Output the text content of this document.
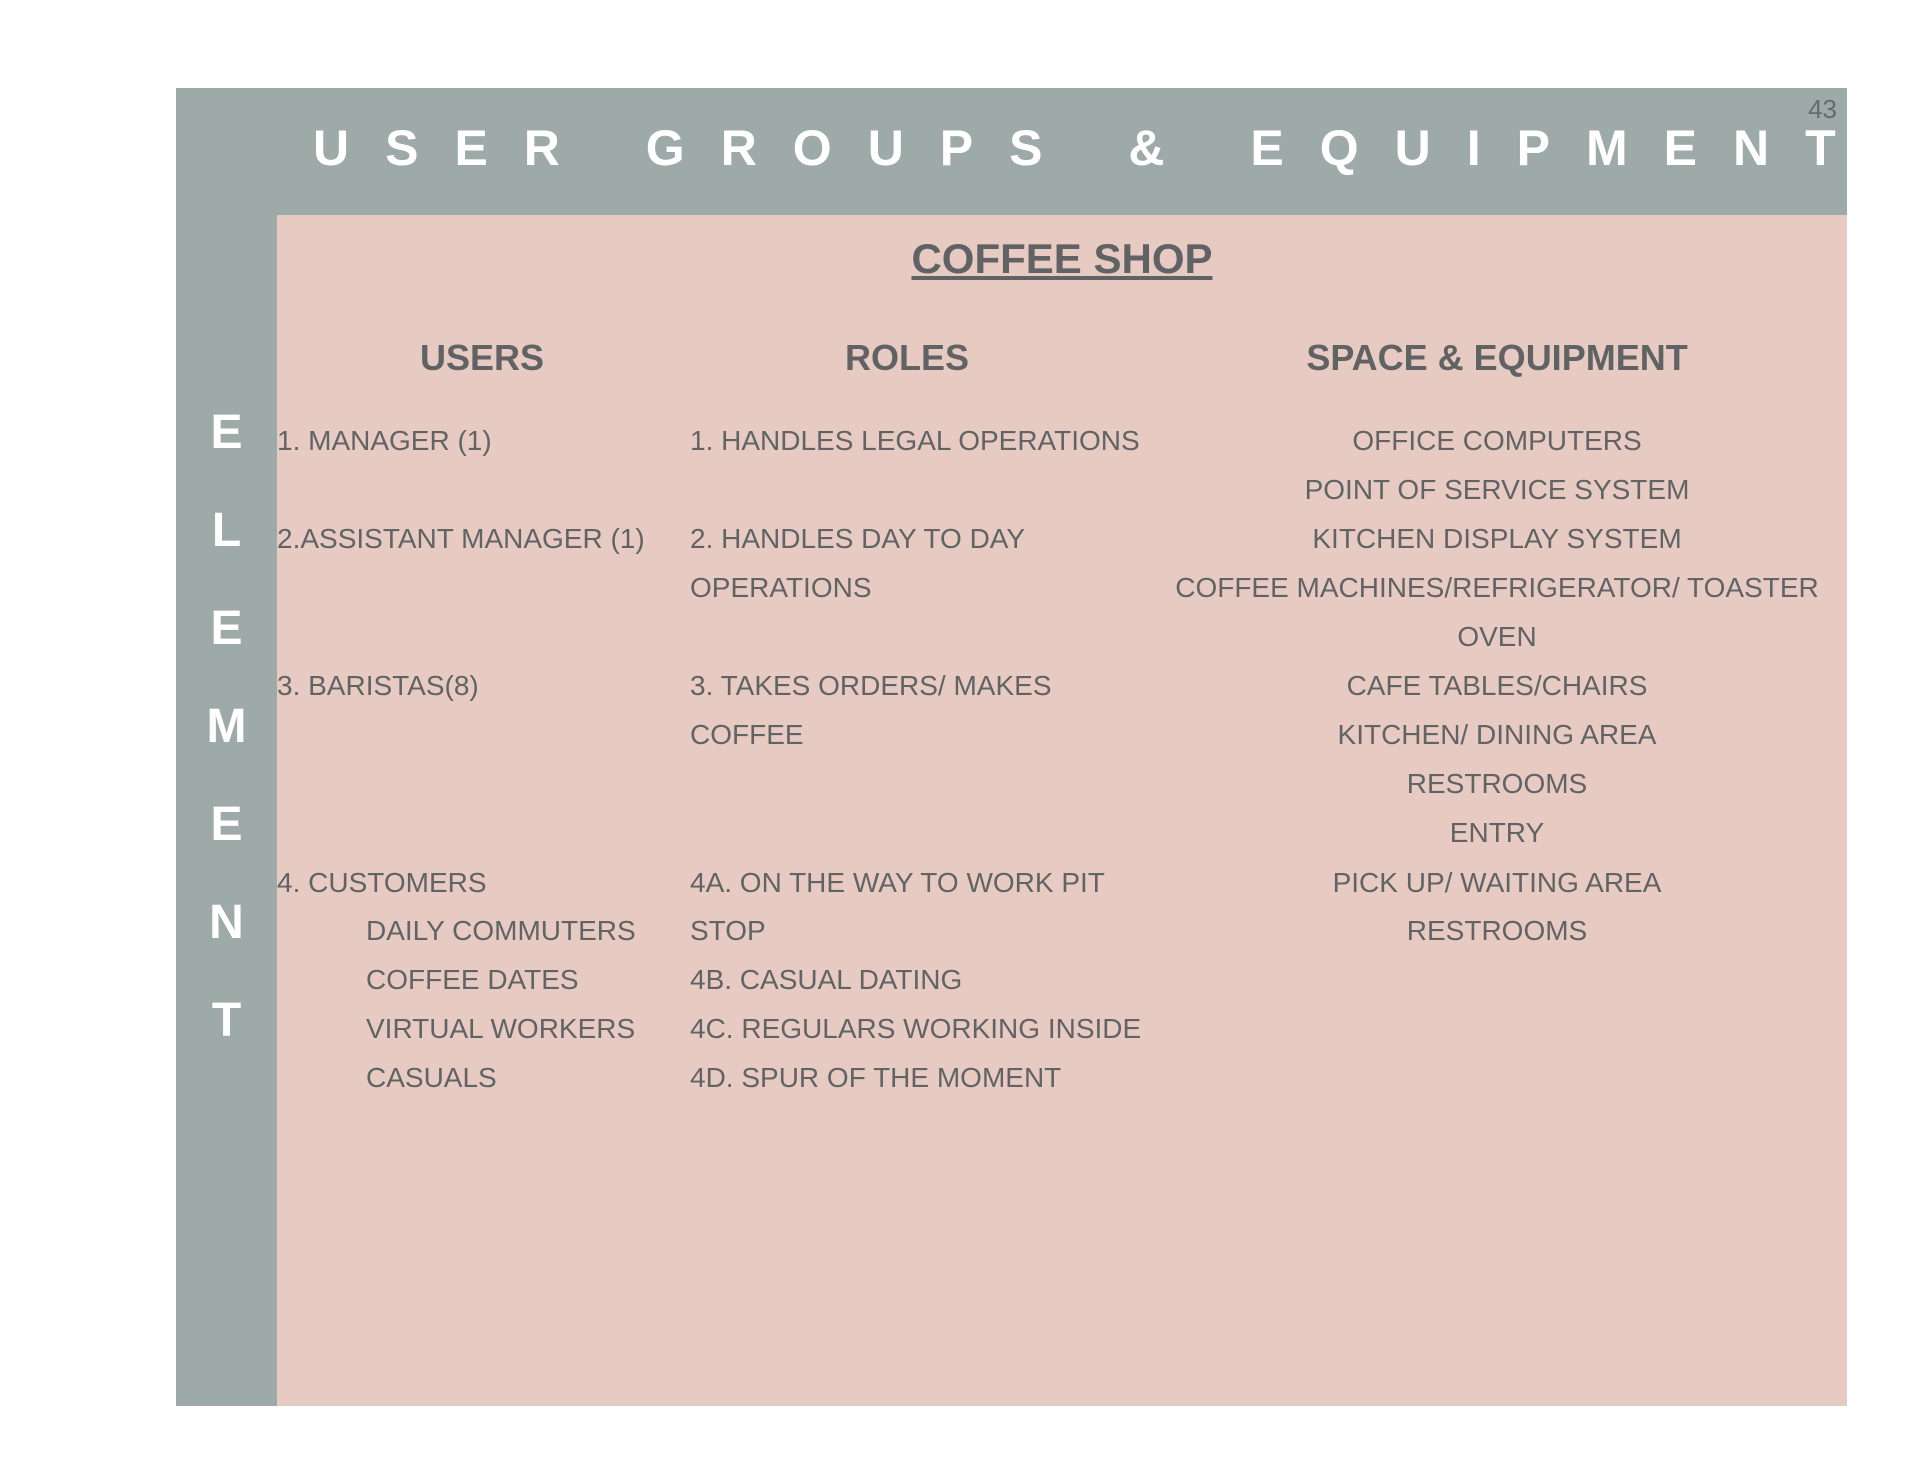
E
L
E
M
E
N
T
USER GROUPS & EQUIPMENT
43
COFFEE SHOP
USERS	ROLES	SPACE & EQUIPMENT
1. MANAGER (1)
2.ASSISTANT MANAGER (1)
3. BARISTAS(8)
4. CUSTOMERS
DAILY COMMUTERS
COFFEE DATES
VIRTUAL WORKERS
CASUALS
1. HANDLES LEGAL OPERATIONS
2. HANDLES DAY TO DAY
OPERATIONS
3. TAKES ORDERS/ MAKES
COFFEE
4A. ON THE WAY TO WORK PIT
STOP
4B. CASUAL DATING
4C. REGULARS WORKING INSIDE
4D. SPUR OF THE MOMENT
OFFICE COMPUTERS
POINT OF SERVICE SYSTEM
KITCHEN DISPLAY SYSTEM
COFFEE MACHINES/REFRIGERATOR/ TOASTER
OVEN
CAFE TABLES/CHAIRS
KITCHEN/ DINING AREA
RESTROOMS
ENTRY
PICK UP/ WAITING AREA
RESTROOMS
